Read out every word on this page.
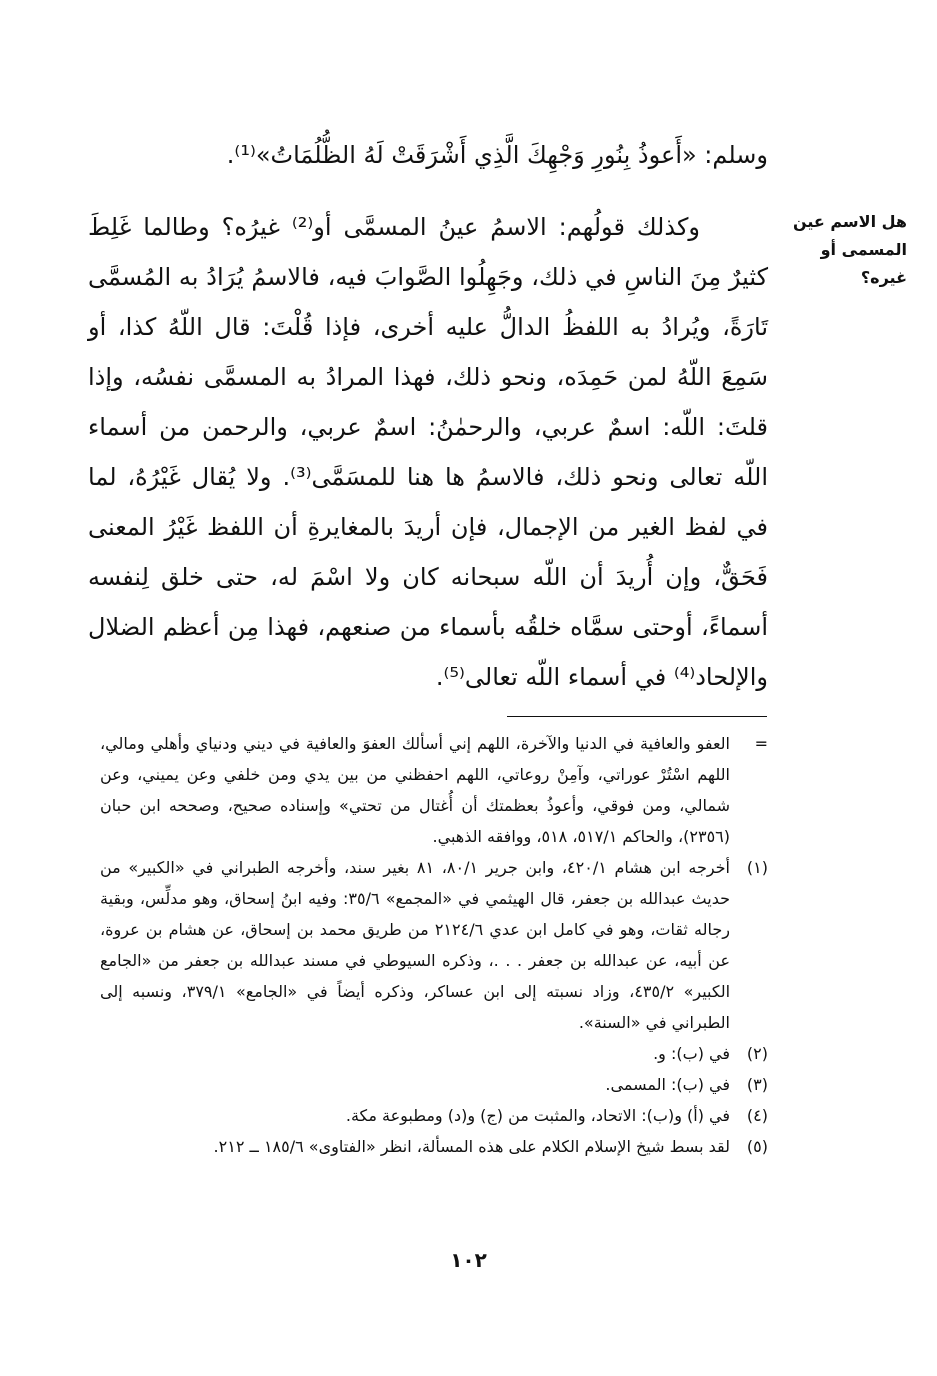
وسلم: «أَعوذُ بِنُورِ وَجْهِكَ الَّذِي أَشْرَقَتْ لَهُ الظُّلُمَاتُ»⁽¹⁾.

هل الاسم عين المسمى أو غيره؟

وكذلك قولُهم: الاسمُ عينُ المسمَّى أو⁽²⁾ غيرُه؟ وطالما غَلِطَ كثيرٌ مِنَ الناسِ في ذلك، وجَهِلُوا الصَّوابَ فيه، فالاسمُ يُرَادُ به المُسمَّى تَارَةً، ويُرادُ به اللفظُ الدالُّ عليه أخرى، فإذا قُلْتَ: قال اللّهُ كذا، أو سَمِعَ اللّهُ لمن حَمِدَه، ونحو ذلك، فهذا المرادُ به المسمَّى نفسُه، وإذا قلتَ: اللّه: اسمٌ عربي، والرحمٰنُ: اسمٌ عربي، والرحمن من أسماء اللّه تعالى ونحو ذلك، فالاسمُ ها هنا للمسَمَّى⁽³⁾. ولا يُقال غَيْرُهُ، لما في لفظ الغير من الإجمال، فإن أريدَ بالمغايرةِ أن اللفظ غَيْرُ المعنى فَحَقٌّ، وإن أُريدَ أن اللّه سبحانه كان ولا اسْمَ له، حتى خلق لِنفسه أسماءً، أوحتى سمَّاه خلقُه بأسماء من صنعهم، فهذا مِن أعظم الضلال والإلحاد⁽⁴⁾ في أسماء اللّه تعالى⁽⁵⁾.

=
العفو والعافية في الدنيا والآخرة، اللهم إني أسألك العفوَ والعافية في ديني ودنياي وأهلي ومالي، اللهم اسْتُرْ عوراتي، وآمِنْ روعاتي، اللهم احفظني من بين يدي ومن خلفي وعن يميني، وعن شمالي، ومن فوقي، وأعوذُ بعظمتك أن أُغتال من تحتي» وإسناده صحيح، وصححه ابن حبان (٢٣٥٦)، والحاكم ٥١٧/١، ٥١٨، ووافقه الذهبي.
(١)
أخرجه ابن هشام ٤٢٠/١، وابن جرير ٨٠/١، ٨١ بغير سند، وأخرجه الطبراني في «الكبير» من حديث عبدالله بن جعفر، قال الهيثمي في «المجمع» ٣٥/٦: وفيه ابنُ إسحاق، وهو مدلِّس، وبقية رجاله ثقات، وهو في كامل ابن عدي ٢١٢٤/٦ من طريق محمد بن إسحاق، عن هشام بن عروة، عن أبيه، عن عبدالله بن جعفر . . .، وذكره السيوطي في مسند عبدالله بن جعفر من «الجامع الكبير» ٤٣٥/٢، وزاد نسبته إلى ابن عساكر، وذكره أيضاً في «الجامع» ٣٧٩/١، ونسبه إلى الطبراني في «السنة».
(٢)
في (ب): و.
(٣)
في (ب): المسمى.
(٤)
في (أ) و(ب): الاتحاد، والمثبت من (ج) و(د) ومطبوعة مكة.
(٥)
لقد بسط شيخ الإسلام الكلام على هذه المسألة، انظر «الفتاوى» ١٨٥/٦ ــ ٢١٢.
١٠٢
